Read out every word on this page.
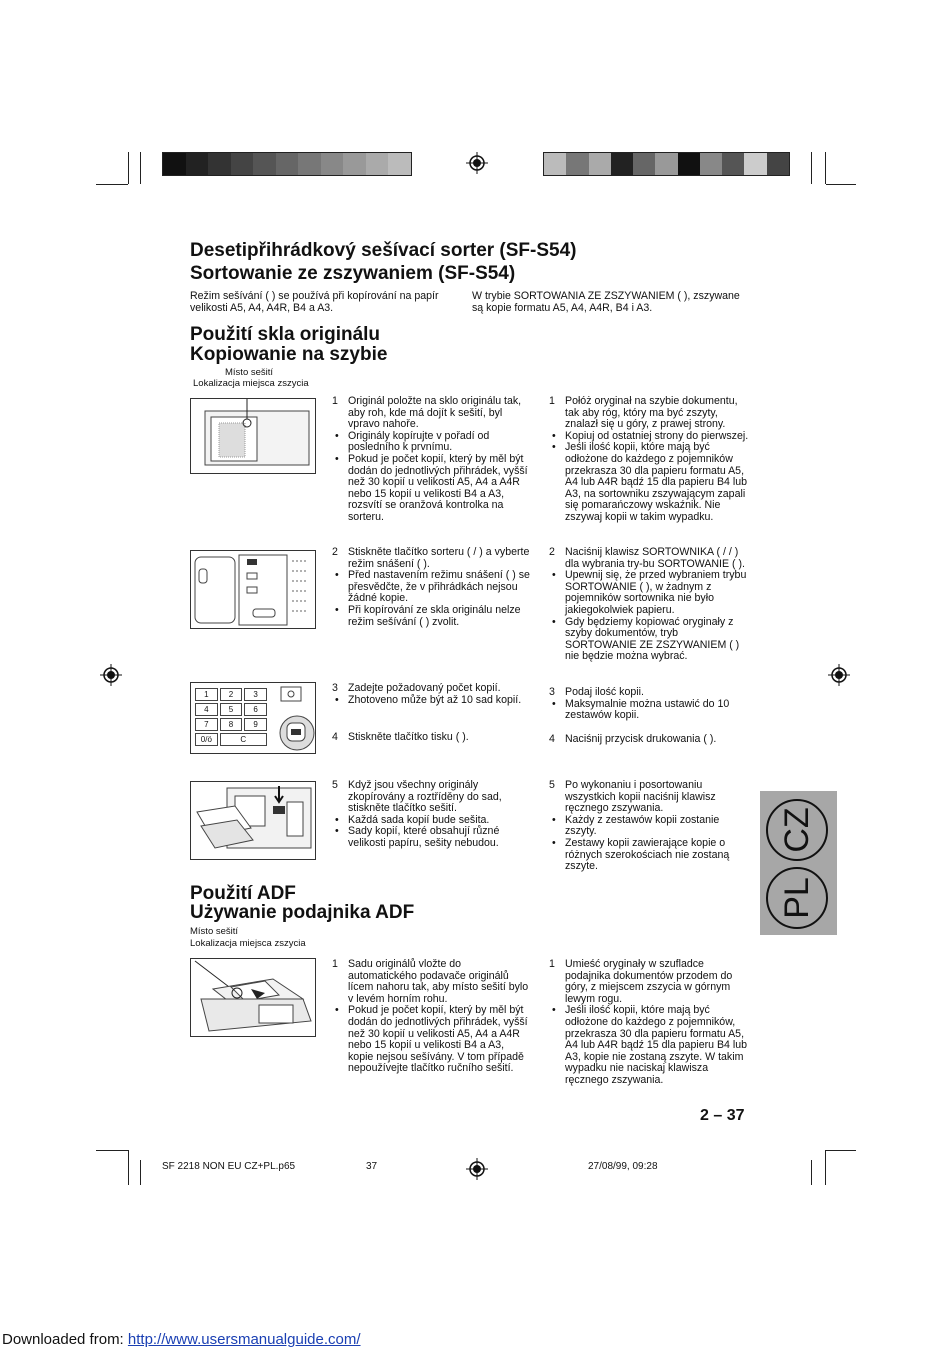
Desetipřihrádkový sešívací sorter (SF-S54)
Sortowanie ze zszywaniem (SF-S54)
Režim sešívání ( ) se používá při kopírování na papír velikosti A5, A4, A4R, B4 a A3.
W trybie SORTOWANIA ZE ZSZYWANIEM ( ), zszywane są kopie formatu A5, A4, A4R, B4 i A3.
Použití skla originálu
Kopiowanie na szybie
Místo sešití
Lokalizacja miejsca zszycia
1 Originál položte na sklo originálu tak, aby roh, kde má dojít k sešití, byl vpravo nahoře.
• Originály kopírujte v pořadí od posledního k prvnímu.
• Pokud je počet kopií, který by měl být dodán do jednotlivých přihrádek, vyšší než 30 kopií u velikosti A5, A4 a A4R nebo 15 kopií u velikosti B4 a A3, rozsvítí se oranžová kontrolka na sorteru.
1 Połóż oryginał na szybie dokumentu, tak aby róg, który ma być zszyty, znalazł się u góry, z prawej strony.
• Kopiuj od ostatniej strony do pierwszej.
• Jeśli ilość kopii, które mają być odłożone do każdego z pojemników przekrasza 30 dla papieru formatu A5, A4 lub A4R bądź 15 dla papieru B4 lub A3, na sortowniku zszywającym zapali się pomarańczowy wskaźnik. Nie zszywaj kopii w takim wypadku.
2 Stiskněte tlačítko sorteru ( / ) a vyberte režim snášení ( ).
• Před nastavením režimu snášení ( ) se přesvědčte, že v přihrádkách nejsou žádné kopie.
• Při kopírování ze skla originálu nelze režim sešívání ( ) zvolit.
2 Naciśnij klawisz SORTOWNIKA ( / / ) dla wybrania try-bu SORTOWANIE ( ).
• Upewnij się, że przed wybraniem trybu SORTOWANIE ( ), w żadnym z pojemników sortownika nie było jakiegokolwiek papieru.
• Gdy będziemy kopiować oryginały z szyby dokumentów, tryb SORTOWANIE ZE ZSZYWANIEM ( ) nie będzie można wybrać.
1	2	3
4	5	6
7	8	9
0/ö	C
3 Zadejte požadovaný počet kopií.
• Zhotoveno může být až 10 sad kopií.
3 Podaj ilość kopii.
• Maksymalnie można ustawić do 10 zestawów kopii.
4 Stiskněte tlačítko tisku ( ).	4 Naciśnij przycisk drukowania ( ).
5 Když jsou všechny originály zkopírovány a roztříděny do sad, stiskněte tlačítko sešití.
• Každá sada kopií bude sešita.
• Sady kopií, které obsahují různé velikosti papíru, sešity nebudou.
5 Po wykonaniu i posortowaniu wszystkich kopii naciśnij klawisz ręcznego zszywania.
• Każdy z zestawów kopii zostanie zszyty.
• Zestawy kopii zawierające kopie o różnych szerokościach nie zostaną zszyte.
CZ
PL
Použití ADF
Używanie podajnika ADF
Místo sešití
Lokalizacja miejsca zszycia
1 Sadu originálů vložte do automatického podavače originálů lícem nahoru tak, aby místo sešití bylo v levém horním rohu.
• Pokud je počet kopií, který by měl být dodán do jednotlivých přihrádek, vyšší než 30 kopií u velikosti A5, A4 a A4R nebo 15 kopií u velikosti B4 a A3, kopie nejsou sešívány. V tom případě nepoužívejte tlačítko ručního sešití.
1 Umieść oryginały w szufladce podajnika dokumentów przodem do góry, z miejscem zszycia w górnym lewym rogu.
• Jeśli ilość kopii, które mają być odłożone do każdego z pojemników, przekrasza 30 dla papieru formatu A5, A4 lub A4R bądź 15 dla papieru B4 lub A3, kopie nie zostaną zszyte. W takim wypadku nie naciskaj klawisza ręcznego zszywania.
2 – 37
SF 2218 NON EU CZ+PL.p65	37	27/08/99, 09:28
Downloaded from: http://www.usersmanualguide.com/
